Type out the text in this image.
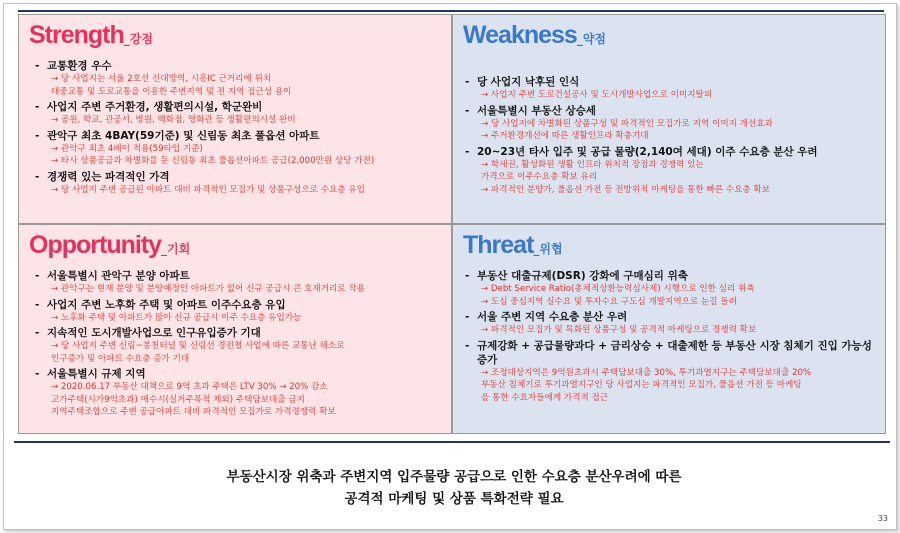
Strength_강점
- 교통환경 우수
→ 당 사업지는 서울 2호선 신대방역, 시흥IC 근거리에 위치
대중교통 및 도로교통을 이용한 주변지역 및 전 지역 접근성 용이
- 사업지 주변 주거환경, 생활편의시설, 학군완비
→ 공원, 학교, 관공서, 병원, 백화점, 영화관 등 생활편의시설 완비
- 관악구 최초 4BAY(59기준) 및 신림동 최초 풀옵션 아파트
→ 관악구 최초 4베이 적용(59타입 기준)
→ 타사 상품공급과 차별화를 둔 신림동 최초 풀옵션아파트 공급(2,000만원 상당 가전)
- 경쟁력 있는 파격적인 가격
→ 당 사업지 주변 공급된 아파트 대비 파격적인 모집가 및 상품구성으로 수요층 유입
Weakness_약점
- 당 사업지 낙후된 인식
→ 사업지 주변 도로건설공사 및 도시개발사업으로 이미지탈피
- 서울특별시 부동산 상승세
→ 당 사업지에 차별화된 상품구성 및 파격적인 모집가로 지역 이미지 개선효과
→ 주거환경개선에 따른 생활인프라 확충기대
- 20~23년 타사 입주 및 공급 물량(2,140여 세대) 이주 수요층 분산 우려
→ 학세권, 활성화된 생활 인프라 위치적 장점과 경쟁력 있는
가격으로 이주수요층 확보 유리
→ 파격적인 분양가, 풀옵션 가전 등 전방위적 마케팅을 통한 빠른 수요층 확보
Opportunity_기회
- 서울특별시 관악구 분양 아파트
→ 관악구는 현재 분양 및 분양예정인 아파트가 없어 신규 공급시 큰 호재거리로 작용
- 사업지 주변 노후화 주택 및 아파트 이주수요층 유입
→ 노후화 주택 및 아파트가 많아 신규 공급시 이주 수요층 유입가능
- 지속적인 도시개발사업으로 인구유입증가 기대
→ 당 사업지 주변 신림~봉천터널 및 신림선 경전철 사업에 따른 교통난 해소로
인구증가 및 아파트 수요층 증가 기대
- 서울특별시 규제 지역
→ 2020.06.17 부동산 대책으로 9억 초과 주택은 LTV 30% → 20% 감소
고가주택(시가9억초과) 매수시(실거주목적 제외) 주택담보대출 금지
지역주택조합으로 주변 공급아파트 대비 파격적인 모집가로 가격경쟁력 확보
Threat_위협
- 부동산 대출규제(DSR) 강화에 구매심리 위축
→ Debt Service Ratio(총체적상환능력심사제) 시행으로 인한 심리 위축
→ 도심 중심지역 실수요 및 투자수요 구도심 개발지역으로 눈길 돌려
- 서울 주변 지역 수요층 분산 우려
→ 파격적인 모집가 및 특화된 상품구성 및 공격적 마케팅으로 경쟁력 확보
- 규제강화 + 공급물량과다 + 금리상승 + 대출제한 등 부동산 시장 침체기 진입 가능성 증가
→ 조정대상지역은 9억원초과시 주택담보대출 30%, 투기과열지구는 주택담보대출 20%
부동산 침체기로 투기과열지구인 당 사업지는 파격적인 모집가, 풀옵션 가전 등 마케팅
을 통한 수요자들에게 가격적 접근
부동산시장 위축과 주변지역 입주물량 공급으로 인한 수요층 분산우려에 따른
공격적 마케팅 및 상품 특화전략 필요
33
